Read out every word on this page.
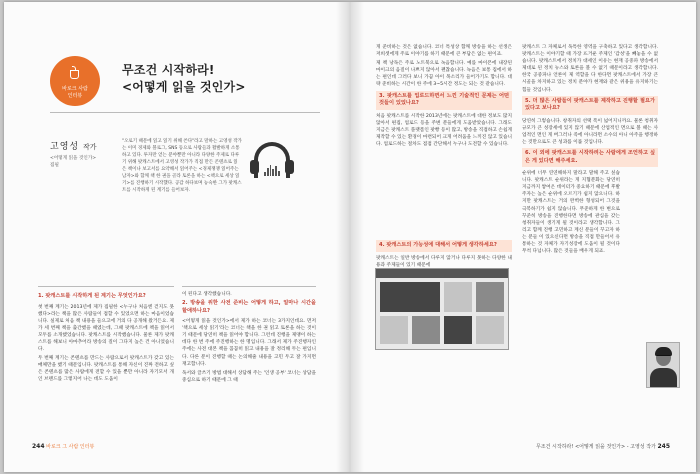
바로크 사람
인터뷰
무조건 시작하라!
<어떻게 읽을 것인가>
고영성 작가
<어떻게 읽을 것인가>
집필
"오로기 때문에 읽고 읽기 위해 쓴다"라고 말하는 고영성 작가는 이미 경제와 블로그, SNS 등으로 사람들과 활발하게 소통하고 있다. 투자만 얻는 분야뿐만 아니라 다양한 주제로 다루기 위해 팟캐스트에서 고영성 작가가 직접 만든 콘텐츠로 읽은 책이나 보고서를 요약해서 읽어주는 <경제쟁쟁 읽어주는 남자>와 함께 책 한 권을 골라 토론을 하는 <책으로 세상 읽기>를 진행하기 시작했다. 공감 하다보며 능숙한 그가 팟캐스트를 시작하게 된 계기를 들어보자.
1. 팟캐스트를 시작하게 된 계기는 무엇인가요?
첫 번째 계기는 2013년에 제가 집필한 <누구나 처음엔 걷지도 못했다>라는 책을 많은 사람들이 접할 수 있었으면 하는 마음이었습니다. 실제로 처음 책 내용을 들으고에 거의 다 공개해 왔거든요. 제가 세 번째 책을 출간했을 때였는데, 그때 팟캐스트에 책을 읽어서 모두를 소개했었습니다. 팟캐스트를 시작했습니다. 물론 제가 팟캐스트를 해보니 아마추어라 방송의 질이 그다지 높은 건 아니었습니다.
두 번째 계기는 콘텐츠를 만드는 사람으로서 팟캐스트가 갖고 있는 매체만을 했기 때문입니다. 팟캐스트를 통해 자신이 진짜 전하고 싶은 콘텐츠를 많은 사람에게 전할 수 있을 뿐만 아니라 자기모서 개인 브랜드를 그렇지어 나는 데도 도움이
이 된다고 생각했습니다.
2. 방송을 위한 사전 준비는 어떻게 하고, 얼마나 시간을 할애하나요?
<어떻게 읽을 것인가>에서 제가 하는 코너는 3가지인데요. 먼저 '책으로 세상 읽기'라는 코너는 책을 한 권 읽고 토론을 하는 것이기 때문에 당연히 책을 읽어야 합니다. 그런데 진행을 제맹이 하는 데다 한 번 주에 주진행하는 한 명입니다. 그래서 제가 주진행자인 주에는 사전 대본 책을 꼼꼼히 읽고 내용을 잘 정리해 두는 편입니다. 다른 분이 진행할 때는 논의해줄 내용을 고민 두고 잘 가지면 재고합니다.
독서와 글쓰기 방법 대해서 상담해 주는 '인생 공부' 코너는 상담을 중심으로 하기 때문에 그 때
244 바로크 그 사람 인터뷰
게 준비하는 것은 없습니다. 코너 특성상 함께 방송을 하는 선생은 저희셋에게 주로 이야기를 하기 때문에 큰 부담은 없는 편이죠.
제 책 낭독은 주로 노트북으로 녹음합니다. 예를 마이폰에 내장된 마이크의 음질이 나쁘지 않아서 괜찮습니다. 녹음은 보통 집에서 하는 편인데 그러다 보니 가끔 아이 목소리가 들어가기도 합니다. 대략 준비하는 시간이 한 주에 3~5시간 정도는 되는 것 같습니다.
3. 팟캐스트를 업로드하면서 느낀 기술적인 문제는 어떤 것들이 있었나요?
처음 팟캐스트를 시작한 2013년에는 팟캐스트에 대한 정보도 많지 않아서 편집, 업로드 등을 주변 분들에게 도움받았습니다. 그래도 지금은 팟캐스트 플랫폼인 팟빵 등이 많고, 방송을 직접하고 손쉽게 제작할 수 있는 환경이 마련되어 크게 어려움을 느끼진 않고 있습니다. 업로드하는 절차도 점점 간단해서 누구나 도전할 수 있습니다.
4. 팟캐스트의 가능성에 대해서 어떻게 생각하세요?
팟캐스트는 일반 방송에서 다루지 않거나 다루지 못하는 다양한 내용과 주제들이 있기 때문에
팟캐스트 그 자체로서 독특한 영역을 구축하고 있다고 생각합니다. 팟캐스트는 이야기할 때 가장 뜨거운 주제인 '감성'을 빼놓을 수 없습니다. 팟캐스트에서 정치가 대세인 이유는 현재 공중파 방송에서 제대로 된 정치 뉴스와 토론을 볼 수 없기 때문이라고 생각합니다. 한국 공중파나 언론이 제 역할을 다 한다면 팟캐스트에서 가장 큰 시골을 차지하고 있는 정치 분야가 현재와 같은 위용을 유지하기는 힘들 것입니다.
5. 더 많은 사람들이 팟캐스트를 제작하고 진행할 필요가 있다고 보나요?
당연히 그렇습니다. 창취자의 선택 폭이 넓어지니까요. 물론 청취자 규모가 큰 성장세에 있지 않기 때문에 산업적인 면으로 볼 때는 사업적인 면인 게 버그러나 즉에 아니라면 소수의 아니 아주을 행정하는 것만으로도 큰 성과를 이룰 것입니다.
6. 이 외에 팟캐스트를 시작하려는 사람에게 조언하고 싶은 게 있다면 해주세요.
순위에 너무 연연해하지 말라고 말해 주고 싶습니다. 팟캐스트 순위라는 게 지협분화는 당연히 지금까지 쌓여온 데이터가 중요하기 때문에 후발주자는 높은 순위에 오르기가 쉽지 않으니다. 하지만 팟캐스트는 거의 완벽한 형성되어 그것을 극복하기가 쉽지 않습니다. 무준하게 한 변으로 꾸준히 방송을 진행한다면 방송에 관심을 갖는 청취자들이 생기게 될 것이라고 생각합니다. 그리고 함께 진행 고민하고 계신 분들이 꾸고자 하는 분들 이 있으신다면 방송을 직접 만들어서 유통하는 것 자체가 자기성장에 도움이 될 것이다 무척 다닙니다. 많은 것들을 배우게 되죠.
무조건 시작하라! <어떻게 읽을 것인가> - 고영성 작가 245
